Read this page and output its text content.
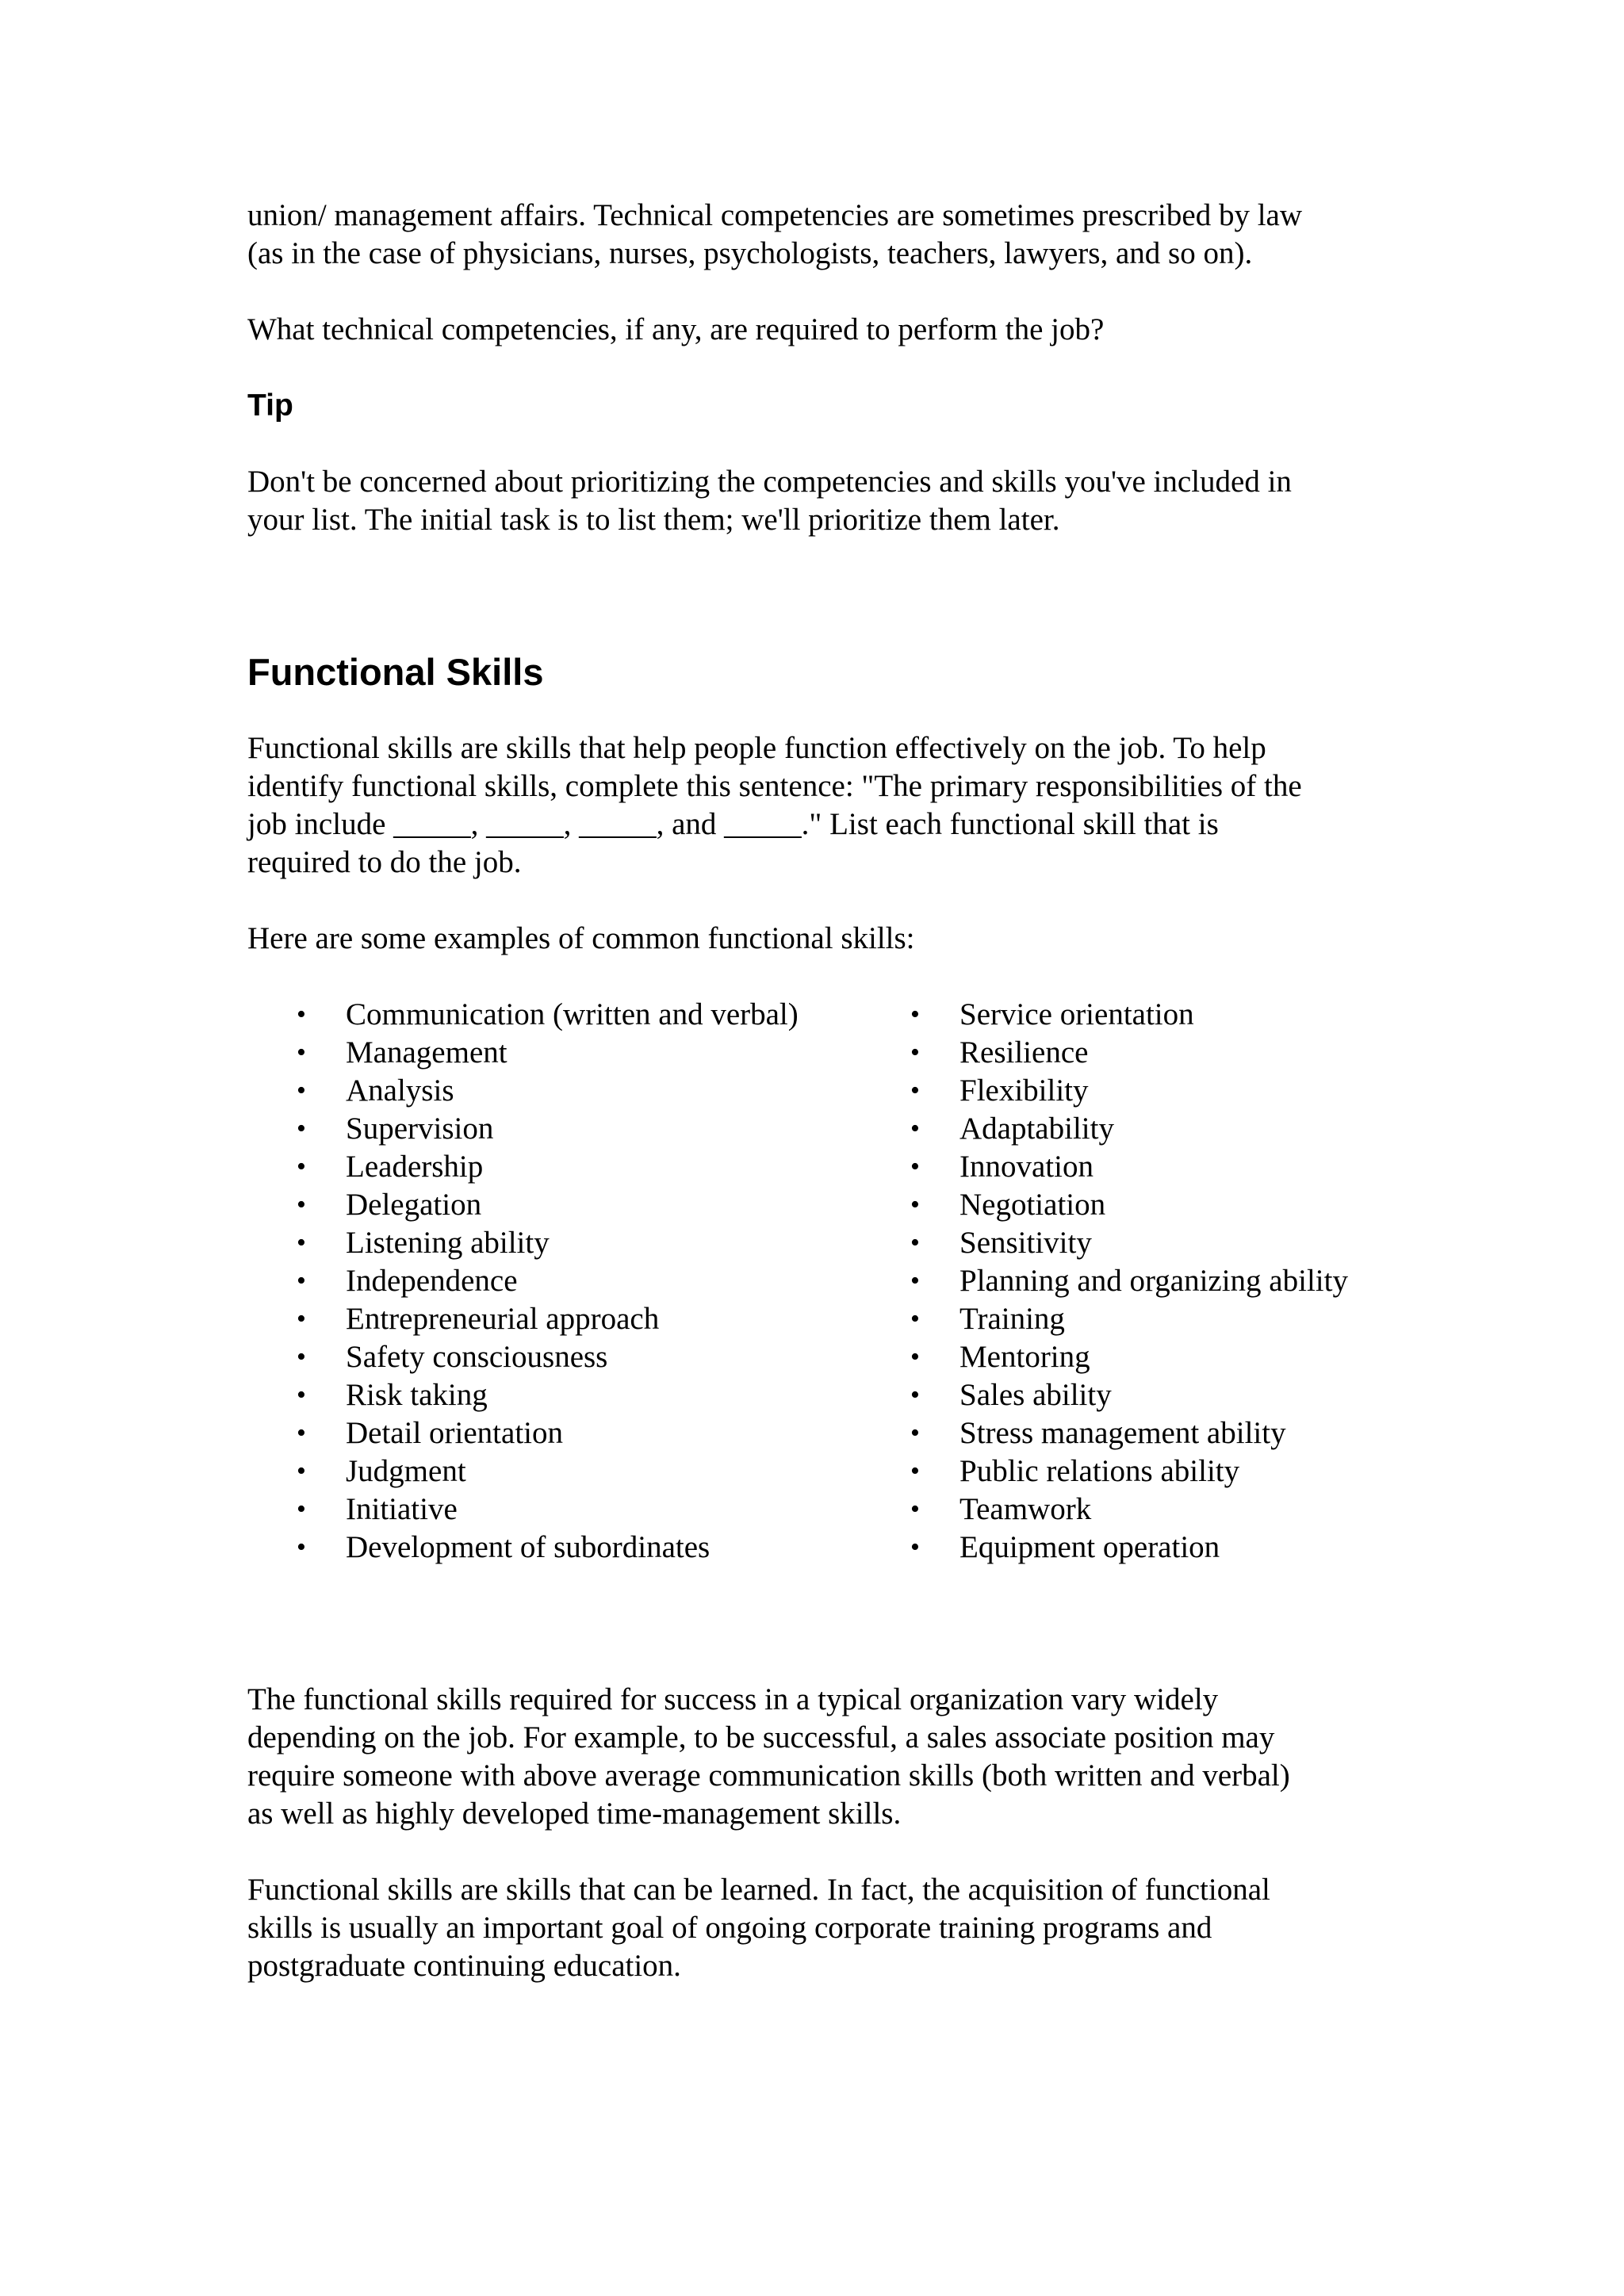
union/ management affairs. Technical competencies are sometimes prescribed by law
(as in the case of physicians, nurses, psychologists, teachers, lawyers, and so on).

What technical competencies, if any, are required to perform the job?

Tip

Don't be concerned about prioritizing the competencies and skills you've included in
your list. The initial task is to list them; we'll prioritize them later.

Functional Skills

Functional skills are skills that help people function effectively on the job. To help
identify functional skills, complete this sentence: "The primary responsibilities of the
job include _____, _____, _____, and _____." List each functional skill that is
required to do the job.

Here are some examples of common functional skills:

• Communication (written and verbal)
• Management
• Analysis
• Supervision
• Leadership
• Delegation
• Listening ability
• Independence
• Entrepreneurial approach
• Safety consciousness
• Risk taking
• Detail orientation
• Judgment
• Initiative
• Development of subordinates
• Service orientation
• Resilience
• Flexibility
• Adaptability
• Innovation
• Negotiation
• Sensitivity
• Planning and organizing ability
• Training
• Mentoring
• Sales ability
• Stress management ability
• Public relations ability
• Teamwork
• Equipment operation

The functional skills required for success in a typical organization vary widely
depending on the job. For example, to be successful, a sales associate position may
require someone with above average communication skills (both written and verbal)
as well as highly developed time-management skills.

Functional skills are skills that can be learned. In fact, the acquisition of functional
skills is usually an important goal of ongoing corporate training programs and
postgraduate continuing education.
